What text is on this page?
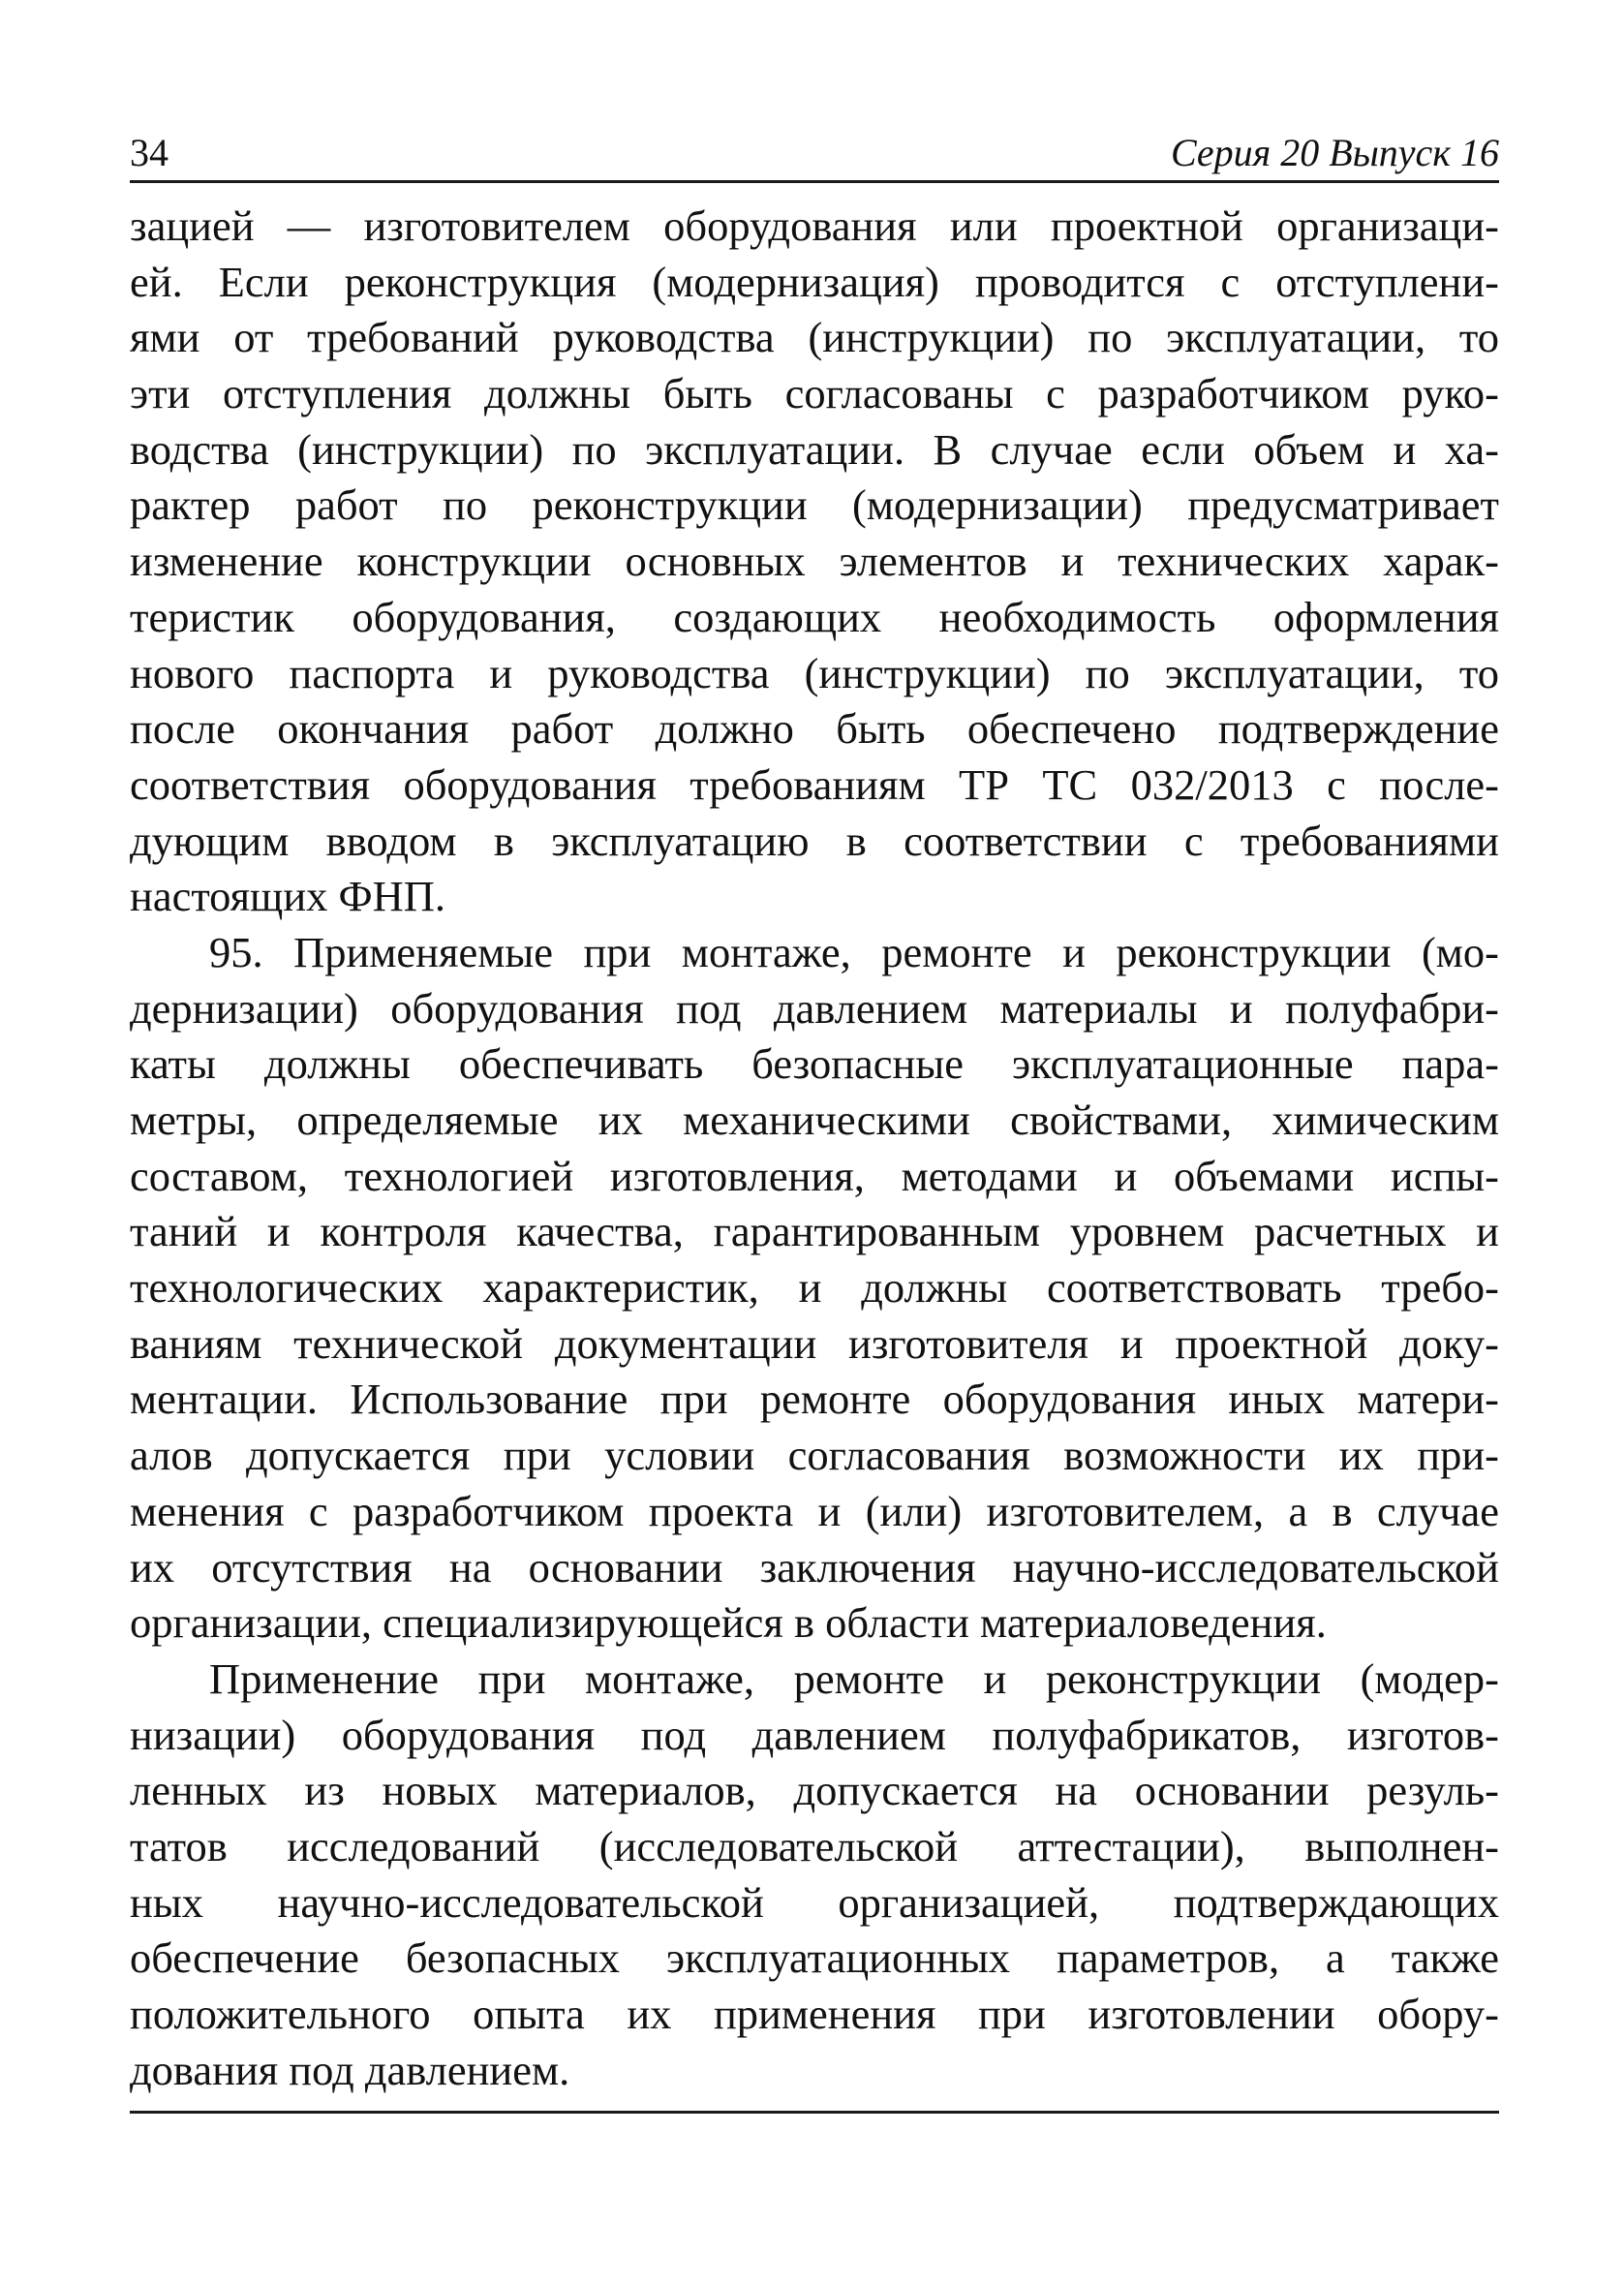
34	Серия 20 Выпуск 16
зацией — изготовителем оборудования или проектной организаци-
ей. Если реконструкция (модернизация) проводится с отступлени-
ями от требований руководства (инструкции) по эксплуатации, то
эти отступления должны быть согласованы с разработчиком руко-
водства (инструкции) по эксплуатации. В случае если объем и ха-
рактер работ по реконструкции (модернизации) предусматривает
изменение конструкции основных элементов и технических харак-
теристик оборудования, создающих необходимость оформления
нового паспорта и руководства (инструкции) по эксплуатации, то
после окончания работ должно быть обеспечено подтверждение
соответствия оборудования требованиям ТР ТС 032/2013 с после-
дующим вводом в эксплуатацию в соответствии с требованиями
настоящих ФНП.
95. Применяемые при монтаже, ремонте и реконструкции (мо-
дернизации) оборудования под давлением материалы и полуфабри-
каты должны обеспечивать безопасные эксплуатационные пара-
метры, определяемые их механическими свойствами, химическим
составом, технологией изготовления, методами и объемами испы-
таний и контроля качества, гарантированным уровнем расчетных и
технологических характеристик, и должны соответствовать требо-
ваниям технической документации изготовителя и проектной доку-
ментации. Использование при ремонте оборудования иных матери-
алов допускается при условии согласования возможности их при-
менения с разработчиком проекта и (или) изготовителем, а в случае
их отсутствия на основании заключения научно-исследовательской
организации, специализирующейся в области материаловедения.
Применение при монтаже, ремонте и реконструкции (модер-
низации) оборудования под давлением полуфабрикатов, изготов-
ленных из новых материалов, допускается на основании резуль-
татов исследований (исследовательской аттестации), выполнен-
ных научно-исследовательской организацией, подтверждающих
обеспечение безопасных эксплуатационных параметров, а также
положительного опыта их применения при изготовлении обору-
дования под давлением.
